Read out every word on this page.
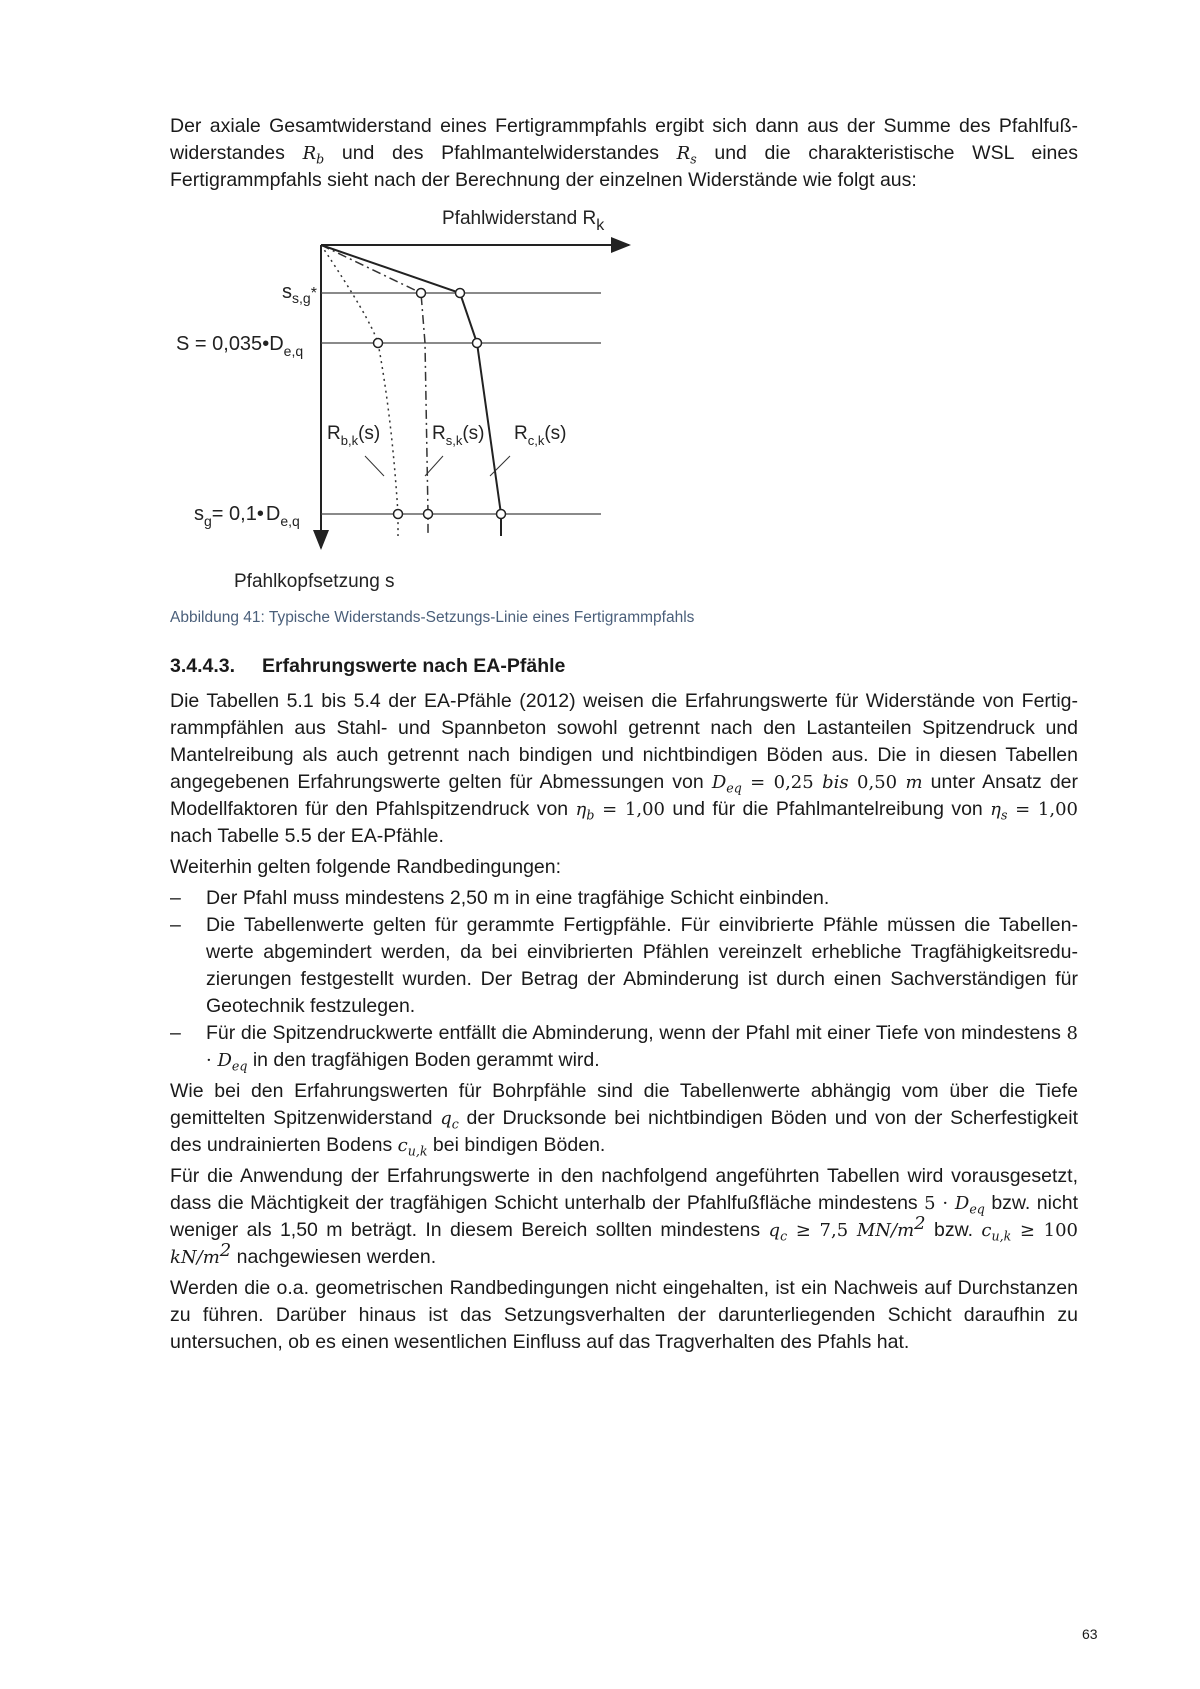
Der axiale Gesamtwiderstand eines Fertigrammpfahls ergibt sich dann aus der Summe des Pfahlfußwiderstandes $R_b$ und des Pfahlmantelwiderstandes $R_s$ und die charakteristische WSL eines Fertigrammpfahls sieht nach der Berechnung der einzelnen Widerstände wie folgt aus:

Pfahlwiderstand $R_k$
$s_{s,g}^*$
$S = 0,035•D_{e,q}$
$s_g=$ 0,1• $D_{e,q}$
$R_{b,k}(s)$	$R_{s,k}(s)$ $R_{c,k}(s)$
Pfahlkopfsetzung s
Abbildung 41: Typische Widerstands-Setzungs-Linie eines Fertigrammpfahls
3.4.4.3. Erfahrungswerte nach EA-Pfähle

Die Tabellen 5.1 bis 5.4 der EA-Pfähle (2012) weisen die Erfahrungswerte für Widerstände von Fertigrammpfählen aus Stahl- und Spannbeton sowohl getrennt nach den Lastanteilen Spitzendruck und Mantelreibung als auch getrennt nach bindigen und nichtbindigen Böden aus. Die in diesen Tabellen angegebenen Erfahrungswerte gelten für Abmessungen von $D_{eq} = 0,25$ bis 0,50 m unter Ansatz der Modellfaktoren für den Pfahlspitzendruck von $\eta_b = 1,00$ und für die Pfahlmantelreibung von $\eta_s = 1,00$ nach Tabelle 5.5 der EA-Pfähle.

Weiterhin gelten folgende Randbedingungen:

– Der Pfahl muss mindestens 2,50 m in eine tragfähige Schicht einbinden.
– Die Tabellenwerte gelten für gerammte Fertigpfähle. Für einvibrierte Pfähle müssen die Tabellenwerte abgemindert werden, da bei einvibrierten Pfählen vereinzelt erhebliche Tragfähigkeitsreduzierungen festgestellt wurden. Der Betrag der Abminderung ist durch einen Sachverständigen für Geotechnik festzulegen.
– Für die Spitzendruckwerte entfällt die Abminderung, wenn der Pfahl mit einer Tiefe von mindestens $8 \cdot D_{eq}$ in den tragfähigen Boden gerammt wird.

Wie bei den Erfahrungswerten für Bohrpfähle sind die Tabellenwerte abhängig vom über die Tiefe gemittelten Spitzenwiderstand $q_c$ der Drucksonde bei nichtbindigen Böden und von der Scherfestigkeit des undrainierten Bodens $c_{u,k}$ bei bindigen Böden.

Für die Anwendung der Erfahrungswerte in den nachfolgend angeführten Tabellen wird vorausgesetzt, dass die Mächtigkeit der tragfähigen Schicht unterhalb der Pfahlfußfläche mindestens $5 \cdot D_{eq}$ bzw. nicht weniger als 1,50 m beträgt. In diesem Bereich sollten mindestens $q_c \ge 7,5$ $MN/m^2$ bzw. $c_{u,k} \ge 100$ $kN/m^2$ nachgewiesen werden.

Werden die o.a. geometrischen Randbedingungen nicht eingehalten, ist ein Nachweis auf Durchstanzen zu führen. Darüber hinaus ist das Setzungsverhalten der darunterliegenden Schicht daraufhin zu untersuchen, ob es einen wesentlichen Einfluss auf das Tragverhalten des Pfahls hat.

63
